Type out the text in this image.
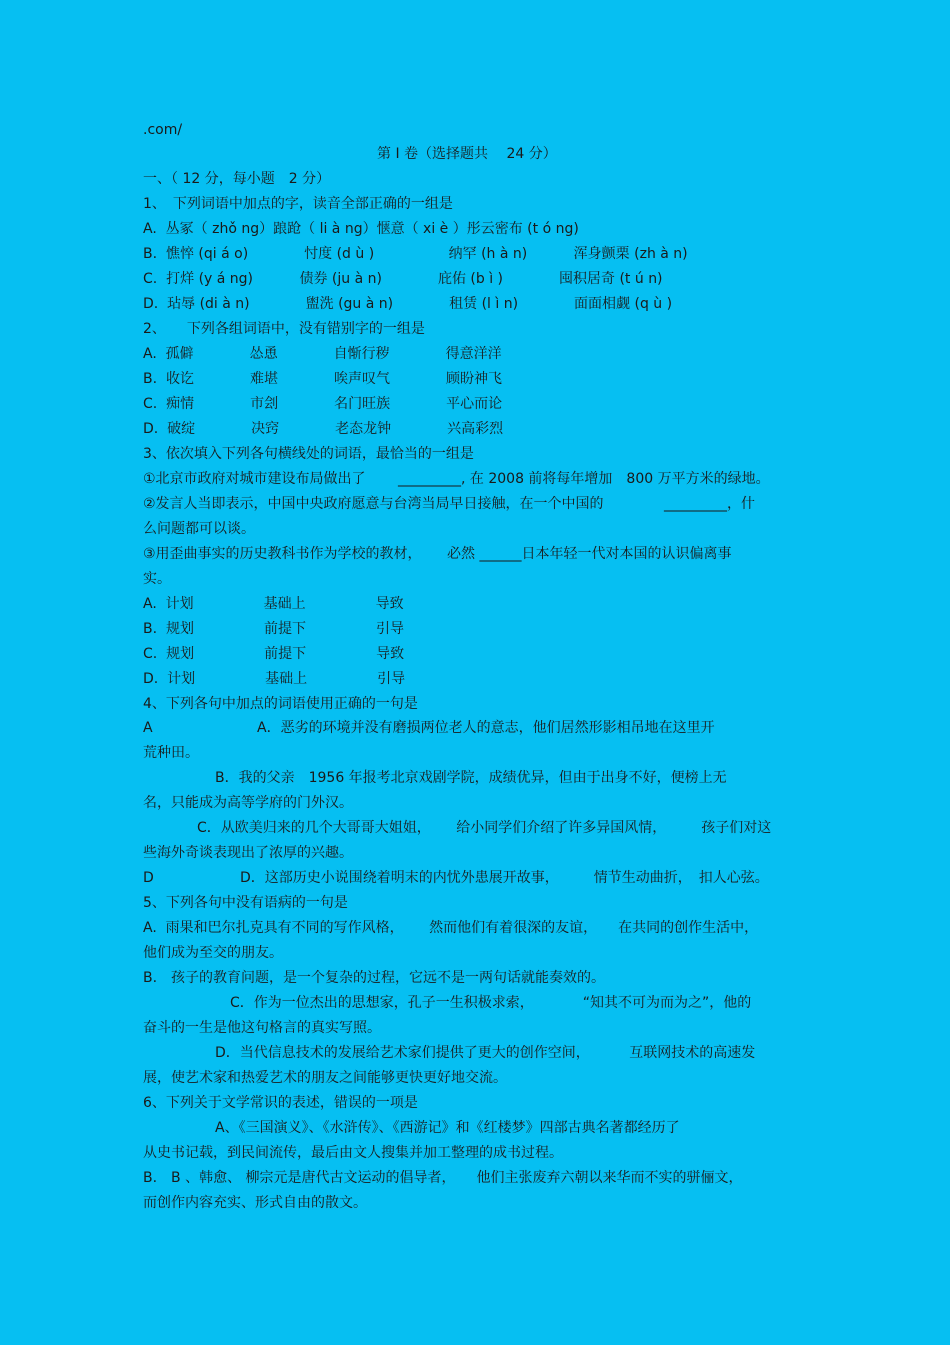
.com/
第 I 卷（选择题共　 24 分）
一、（ 12 分，每小题　2 分）
1、　下列词语中加点的字，读音全部正确的一组是
A.  丛冢（ zhǒ ng）踉跄（ li à ng）惬意（ xi è ）彤云密布 (t ó ng)
B.  憔悴 (qi á o)　　　　忖度 (d ù )　　　　　 纳罕 (h à n)　　　 浑身颤栗 (zh à n)
C.  打烊 (y á ng)　　　 债券 (ju à n)　　　　庇佑 (b ì )　　　　囤积居奇 (t ú n)
D.  玷辱 (di à n)　　　　盥洗 (gu à n)　　　　租赁 (l ì n)　　　　面面相觑 (q ù )
2、　　下列各组词语中，没有错别字的一组是
A.  孤僻　　　　怂恿　　　　自惭行秽　　　　得意洋洋
B.  收讫　　　　难堪　　　　唉声叹气　　　　顾盼神飞
C.  痴情　　　　市刽　　　　名门旺族　　　　平心而论
D.  破绽　　　　决窍　　　　老态龙钟　　　　兴高彩烈
3、依次填入下列各句横线处的词语，最恰当的一组是
①北京市政府对城市建设布局做出了　　 _________, 在 2008 前将每年增加　800 万平方米的绿地。
②发言人当即表示，中国中央政府愿意与台湾当局早日接触，在一个中国的　　　　 _________，什
么问题都可以谈。
③用歪曲事实的历史教科书作为学校的教材，　　 必然 ______日本年轻一代对本国的认识偏离事
实。
A.  计划　　　　　基础上　　　　　导致
B.  规划　　　　　前提下　　　　　引导
C.  规划　　　　　前提下　　　　　导致
D.  计划　　　　　基础上　　　　　引导
4、下列各句中加点的词语使用正确的一句是
A	A．恶劣的环境并没有磨损两位老人的意志，他们居然形影相吊地在这里开
荒种田。
B．我的父亲　1956 年报考北京戏剧学院，成绩优异，但由于出身不好，便榜上无
名，只能成为高等学府的门外汉。
C．从欧美归来的几个大哥哥大姐姐，　　 给小同学们介绍了许多异国风情，　　　孩子们对这
些海外奇谈表现出了浓厚的兴趣。
D	D．这部历史小说围绕着明末的内忧外患展开故事，　　　情节生动曲折，　扣人心弦。
5、下列各句中没有语病的一句是
A.  雨果和巴尔扎克具有不同的写作风格，　　 然而他们有着很深的友谊，　　在共同的创作生活中，
他们成为至交的朋友。
B.　孩子的教育问题，是一个复杂的过程，它远不是一两句话就能奏效的。
C．作为一位杰出的思想家，孔子一生积极求索，　　　　“知其不可为而为之”，他的
奋斗的一生是他这句格言的真实写照。
D．当代信息技术的发展给艺术家们提供了更大的创作空间，　　　 互联网技术的高速发
展，使艺术家和热爱艺术的朋友之间能够更快更好地交流。
6、下列关于文学常识的表述，错误的一项是
A、《三国演义》、《水浒传》、《西游记》和《红楼梦》四部古典名著都经历了
从史书记载，到民间流传，最后由文人搜集并加工整理的成书过程。
B.　B 、韩愈、 柳宗元是唐代古文运动的倡导者，　　他们主张废弃六朝以来华而不实的骈俪文，
而创作内容充实、形式自由的散文。
